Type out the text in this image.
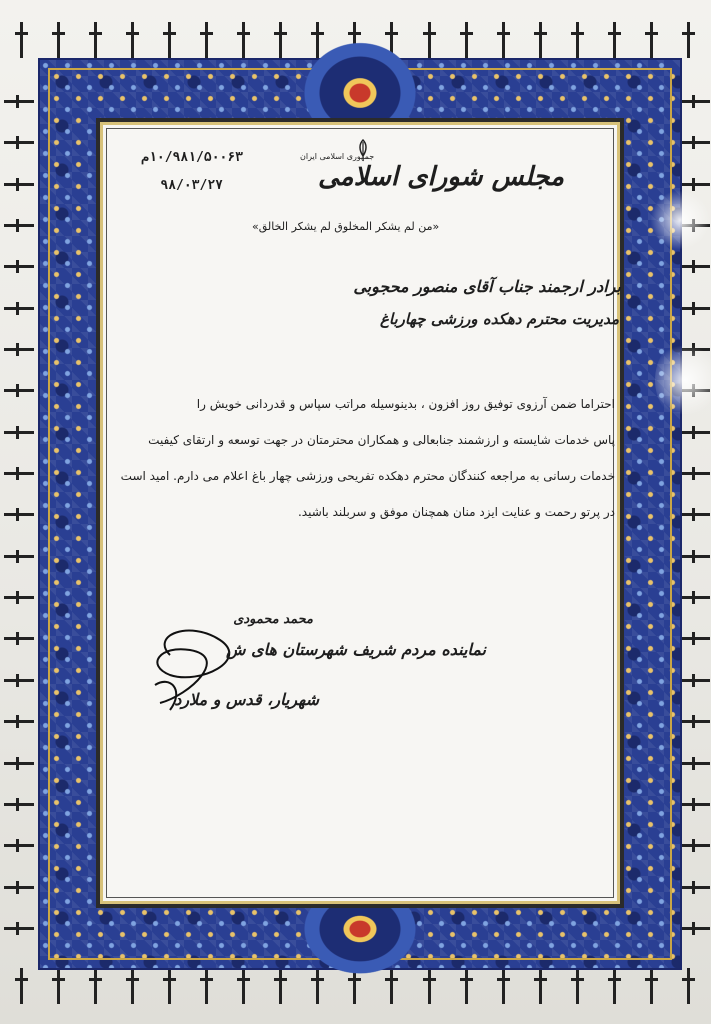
۱۰/۹۸۱/۵۰۰۶۳م
۹۸/۰۳/۲۷
جمهوری اسلامی ایران
مجلس شورای اسلامی
«من لم یشکر المخلوق لم یشکر الخالق»
برادر ارجمند جناب آقای منصور محجوبی
مدیریت محترم دهکده ورزشی چهارباغ
احتراما ضمن آرزوی توفیق روز افزون ، بدینوسیله مراتب سپاس و قدردانی خویش را
پاس خدمات شایسته و ارزشمند جنابعالی و همکاران محترمتان در جهت توسعه و ارتقای کیفیت
خدمات رسانی به مراجعه کنندگان محترم دهکده تفریحی ورزشی چهار باغ اعلام می دارم. امید است
در پرتو رحمت و عنایت ایزد منان همچنان موفق و سربلند باشید.
محمد محمودی
نماینده مردم شریف شهرستان های ش
شهریار، قدس و ملارد
